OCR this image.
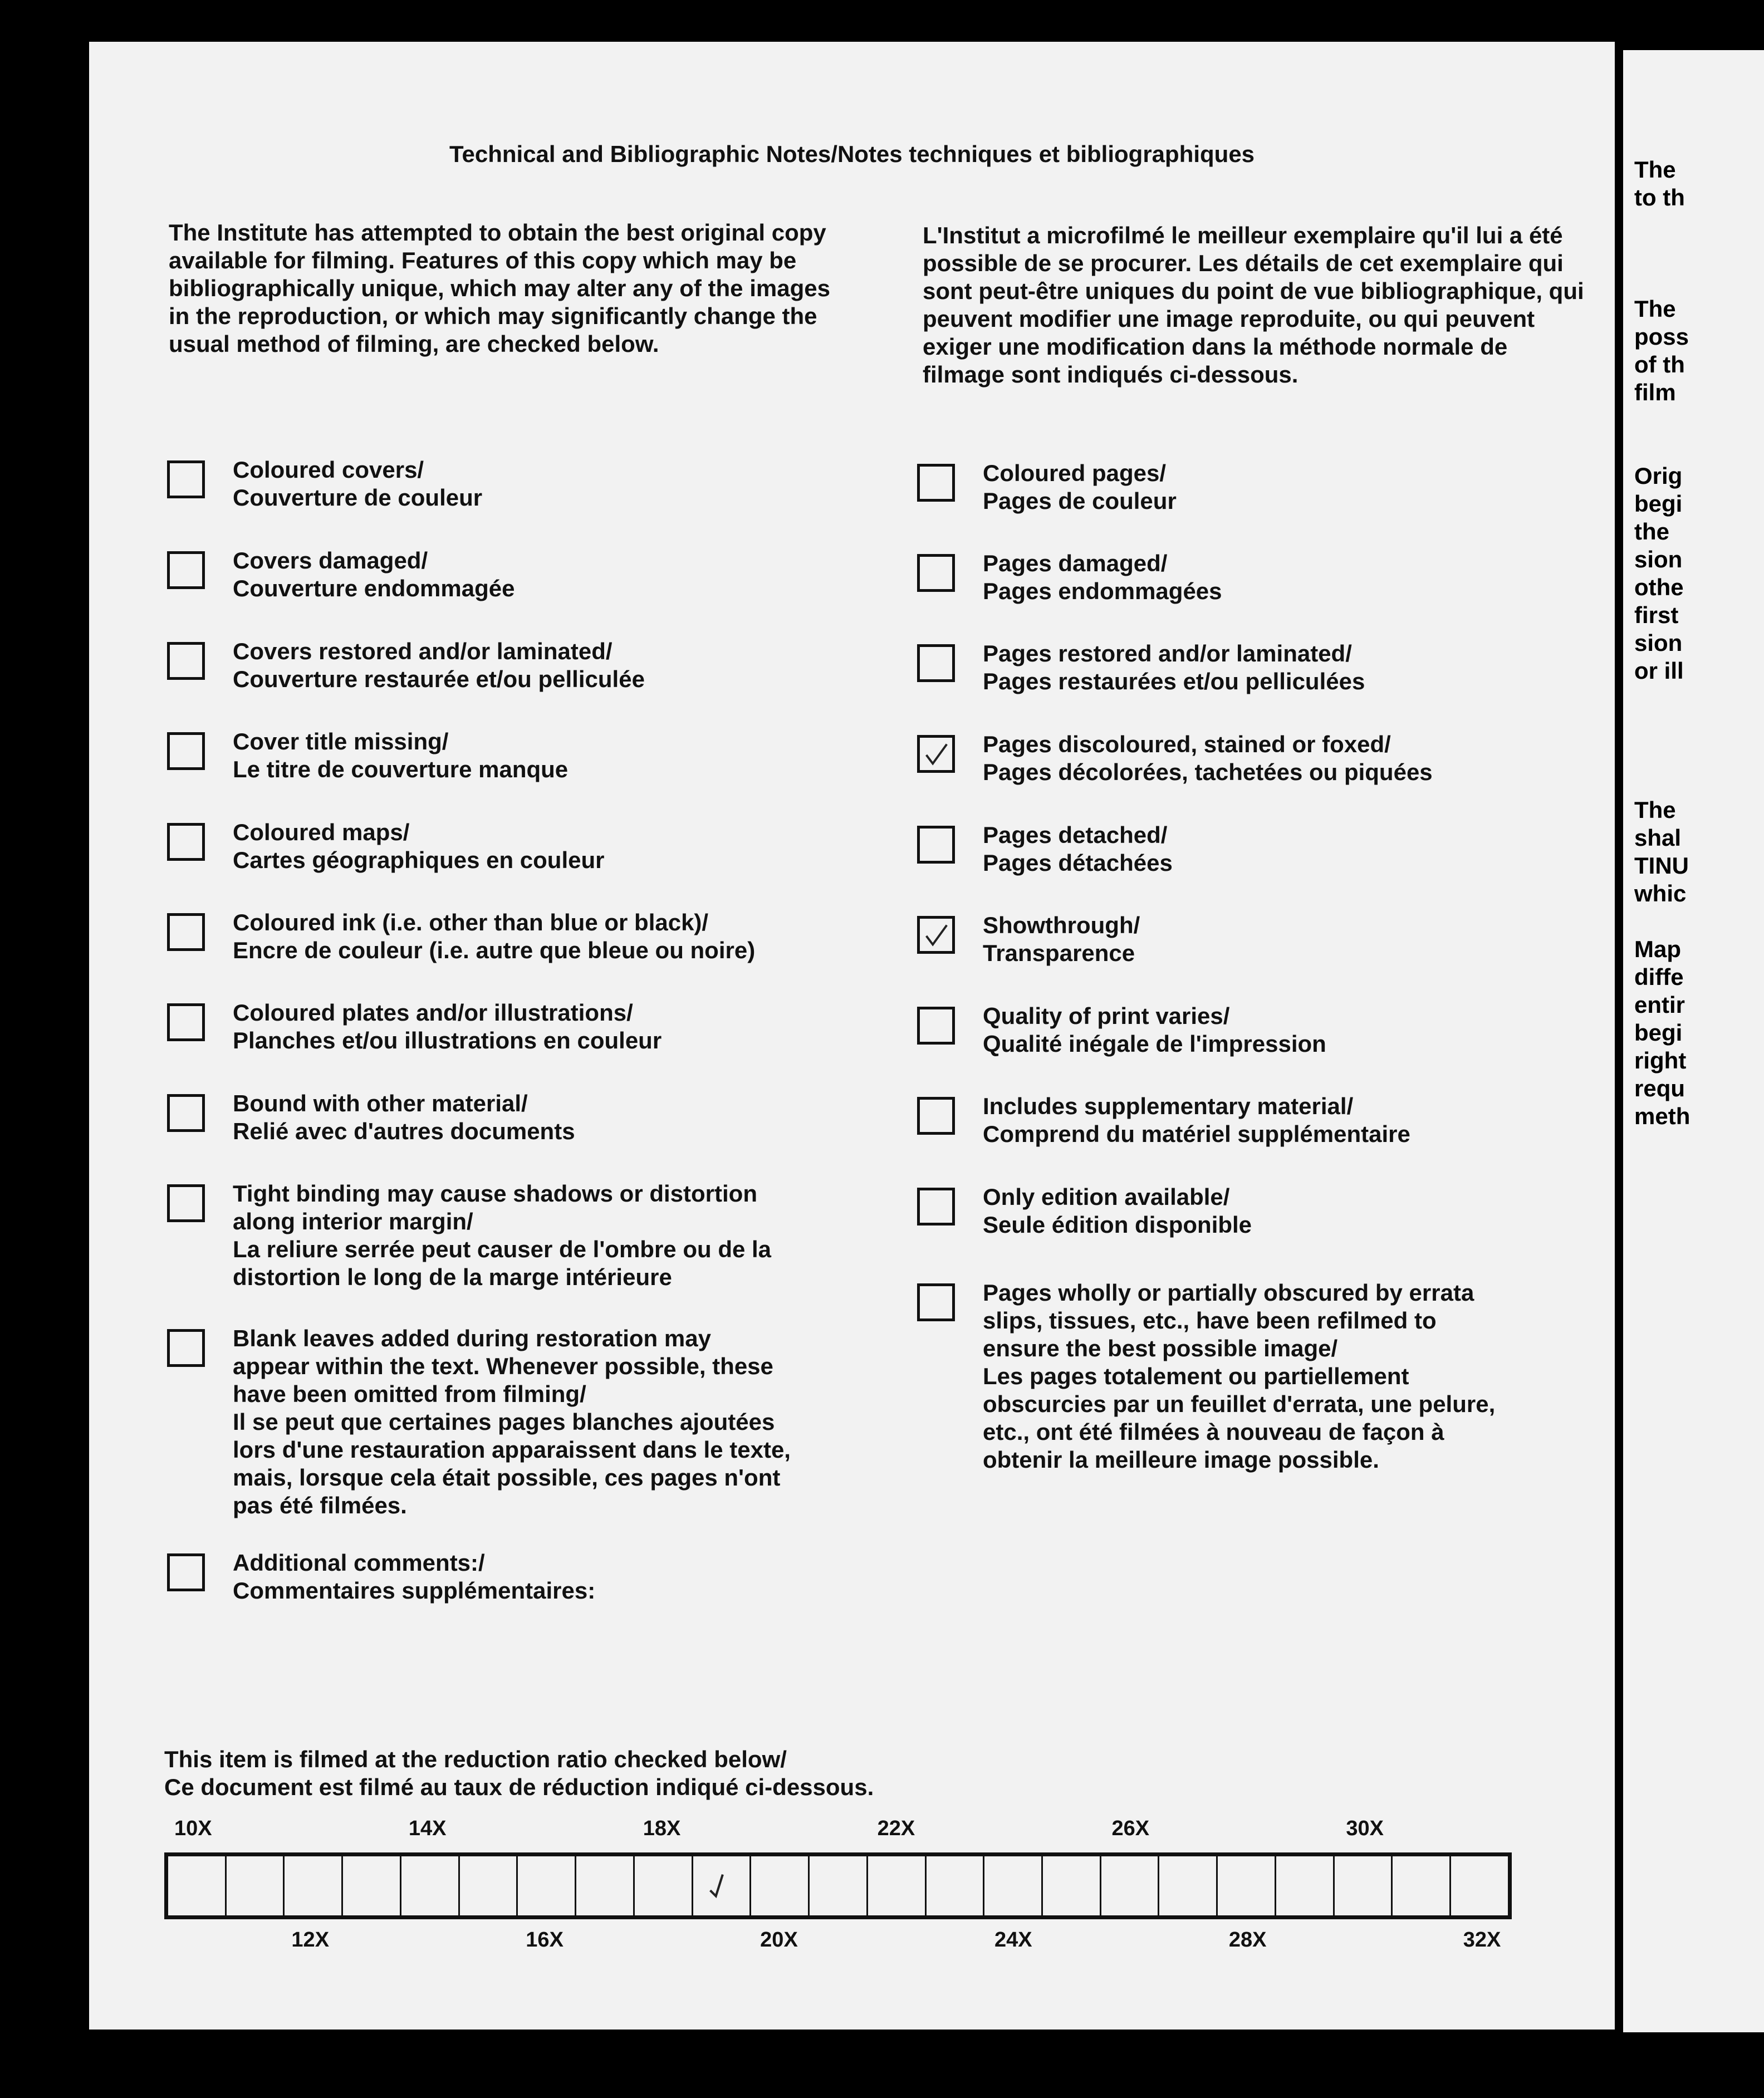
Technical and Bibliographic Notes/Notes techniques et bibliographiques

The Institute has attempted to obtain the best original copy available for filming. Features of this copy which may be bibliographically unique, which may alter any of the images in the reproduction, or which may significantly change the usual method of filming, are checked below.

L'Institut a microfilmé le meilleur exemplaire qu'il lui a été possible de se procurer. Les détails de cet exemplaire qui sont peut-être uniques du point de vue bibliographique, qui peuvent modifier une image reproduite, ou qui peuvent exiger une modification dans la méthode normale de filmage sont indiqués ci-dessous.

Coloured covers/
Couverture de couleur
Covers damaged/
Couverture endommagée
Covers restored and/or laminated/
Couverture restaurée et/ou pelliculée
Cover title missing/
Le titre de couverture manque
Coloured maps/
Cartes géographiques en couleur
Coloured ink (i.e. other than blue or black)/
Encre de couleur (i.e. autre que bleue ou noire)
Coloured plates and/or illustrations/
Planches et/ou illustrations en couleur
Bound with other material/
Relié avec d'autres documents
Tight binding may cause shadows or distortion
along interior margin/
La reliure serrée peut causer de l'ombre ou de la
distortion le long de la marge intérieure
Blank leaves added during restoration may
appear within the text. Whenever possible, these
have been omitted from filming/
Il se peut que certaines pages blanches ajoutées
lors d'une restauration apparaissent dans le texte,
mais, lorsque cela était possible, ces pages n'ont
pas été filmées.
Additional comments:/
Commentaires supplémentaires:
Coloured pages/
Pages de couleur
Pages damaged/
Pages endommagées
Pages restored and/or laminated/
Pages restaurées et/ou pelliculées
Pages discoloured, stained or foxed/
Pages décolorées, tachetées ou piquées
Pages detached/
Pages détachées
Showthrough/
Transparence
Quality of print varies/
Qualité inégale de l'impression
Includes supplementary material/
Comprend du matériel supplémentaire
Only edition available/
Seule édition disponible
Pages wholly or partially obscured by errata
slips, tissues, etc., have been refilmed to
ensure the best possible image/
Les pages totalement ou partiellement
obscurcies par un feuillet d'errata, une pelure,
etc., ont été filmées à nouveau de façon à
obtenir la meilleure image possible.
This item is filmed at the reduction ratio checked below/
Ce document est filmé au taux de réduction indiqué ci-dessous.
10X	14X	18X	22X	26X	30X
12X	16X	20X	24X	28X	32X
The
to th
The
poss
of th
film
Orig
begi
the
sion
othe
first
sion
or ill
The
shal
TINU
whic
Map
diffe
entir
begi
right
requ
meth
